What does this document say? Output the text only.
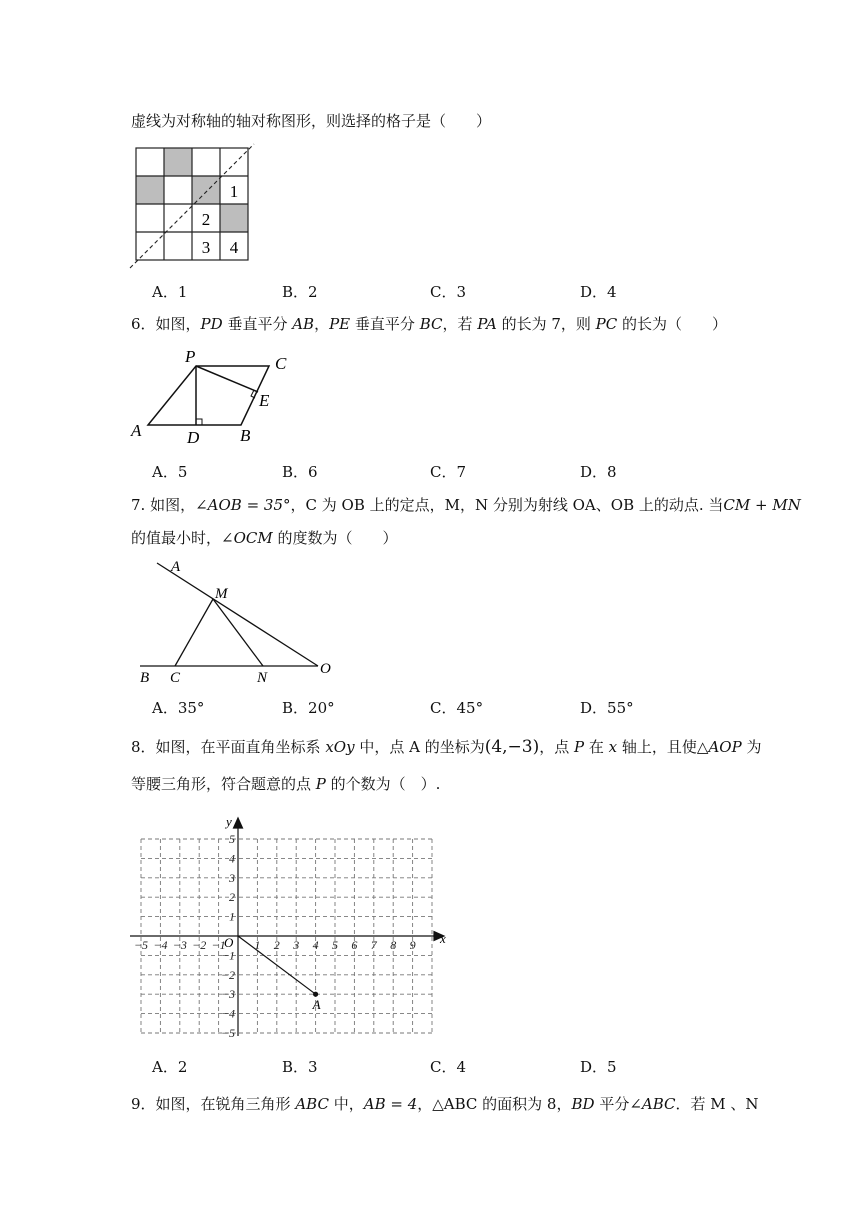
虚线为对称轴的轴对称图形，则选择的格子是（　　）
1
2
3 4
A．1	B．2	C．3	D．4
6．如图，PD 垂直平分 AB，PE 垂直平分 BC，若 PA 的长为 7，则 PC 的长为（　　）
P	C
E
A	D B
A．5	B．6	C．7	D．8
7. 如图，∠AOB = 35°，C 为 OB 上的定点，M，N 分别为射线 OA、OB 上的动点. 当CM + MN
的值最小时，∠OCM 的度数为（　　）
A
M
O
B C	N
A．35°	B．20°	C．45°	D．55°
8．如图，在平面直角坐标系 xOy 中，点 A 的坐标为(4,−3)，点 P 在 x 轴上，且使△AOP 为
等腰三角形，符合题意的点 P 的个数为（　）.
−5 −4 −3 −2 −1 1 2 3 4 5 6 7 8 9
5
4
3
2
1
−1
−2
−3
−4
−5
x
y
O
A
A．2	B．3	C．4	D．5
9．如图，在锐角三角形 ABC 中，AB = 4，△ABC 的面积为 8，BD 平分∠ABC．若 M 、N
